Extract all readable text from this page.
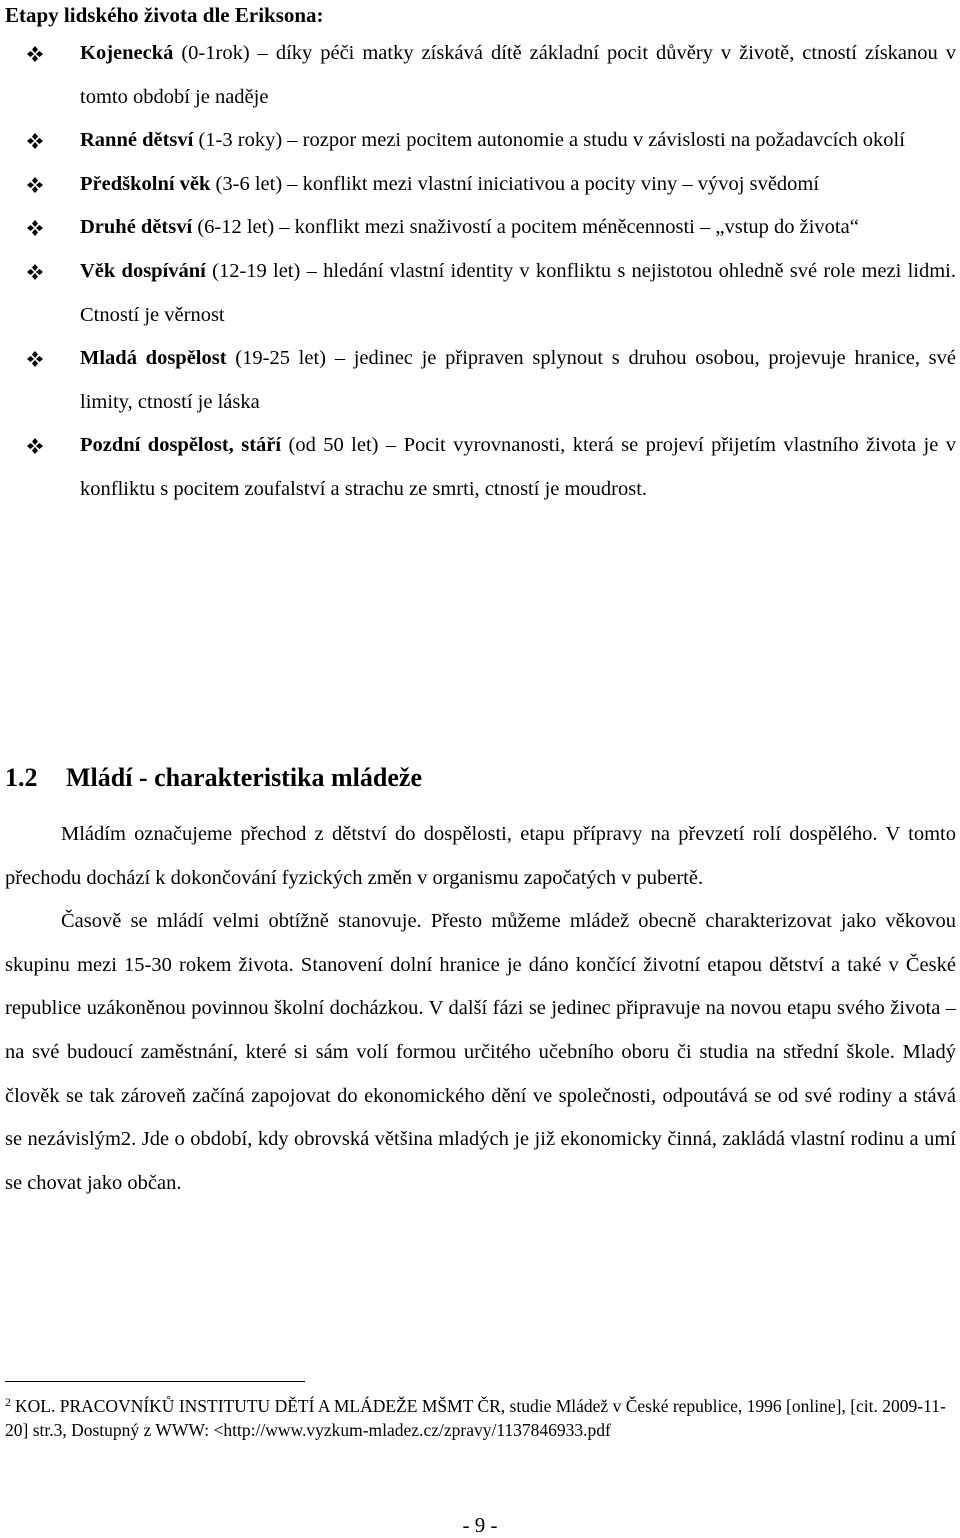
Etapy lidského života dle Eriksona:
Kojenecká (0-1rok) – díky péči matky získává dítě základní pocit důvěry v životě, ctností získanou v tomto období je naděje
Ranné dětsví (1-3 roky) – rozpor mezi pocitem autonomie a studu v závislosti na požadavcích okolí
Předškolní věk (3-6 let) – konflikt mezi vlastní iniciativou a pocity viny – vývoj svědomí
Druhé dětsví (6-12 let) – konflikt mezi snaživostí a pocitem méněcennosti – „vstup do života“
Věk dospívání (12-19 let) – hledání vlastní identity v konfliktu s nejistotou ohledně své role mezi lidmi. Ctností je věrnost
Mladá dospělost (19-25 let) – jedinec je připraven splynout s druhou osobou, projevuje hranice, své limity, ctností je láska
Pozdní dospělost, stáří (od 50 let) – Pocit vyrovnanosti, která se projeví přijetím vlastního života je v konfliktu s pocitem zoufalství a strachu ze smrti, ctností je moudrost.
1.2 Mládí - charakteristika mládeže

Mládím označujeme přechod z dětství do dospělosti, etapu přípravy na převzetí rolí dospělého. V tomto přechodu dochází k dokončování fyzických změn v organismu započatých v pubertě.

Časově se mládí velmi obtížně stanovuje. Přesto můžeme mládež obecně charakterizovat jako věkovou skupinu mezi 15-30 rokem života. Stanovení dolní hranice je dáno končící životní etapou dětství a také v České republice uzákoněnou povinnou školní docházkou. V další fázi se jedinec připravuje na novou etapu svého života – na své budoucí zaměstnání, které si sám volí formou určitého učebního oboru či studia na střední škole. Mladý člověk se tak zároveň začíná zapojovat do ekonomického dění ve společnosti, odpoutává se od své rodiny a stává se nezávislým2. Jde o období, kdy obrovská většina mladých je již ekonomicky činná, zakládá vlastní rodinu a umí se chovat jako občan.

$^2$ KOL. PRACOVNÍKŮ INSTITUTU DĚTÍ A MLÁDEŽE MŠMT ČR, studie Mládež v České republice, 1996 [online], [cit. 2009-11-20] str.3, Dostupný z WWW: <http://www.vyzkum-mladez.cz/zpravy/1137846933.pdf
- 9 -
